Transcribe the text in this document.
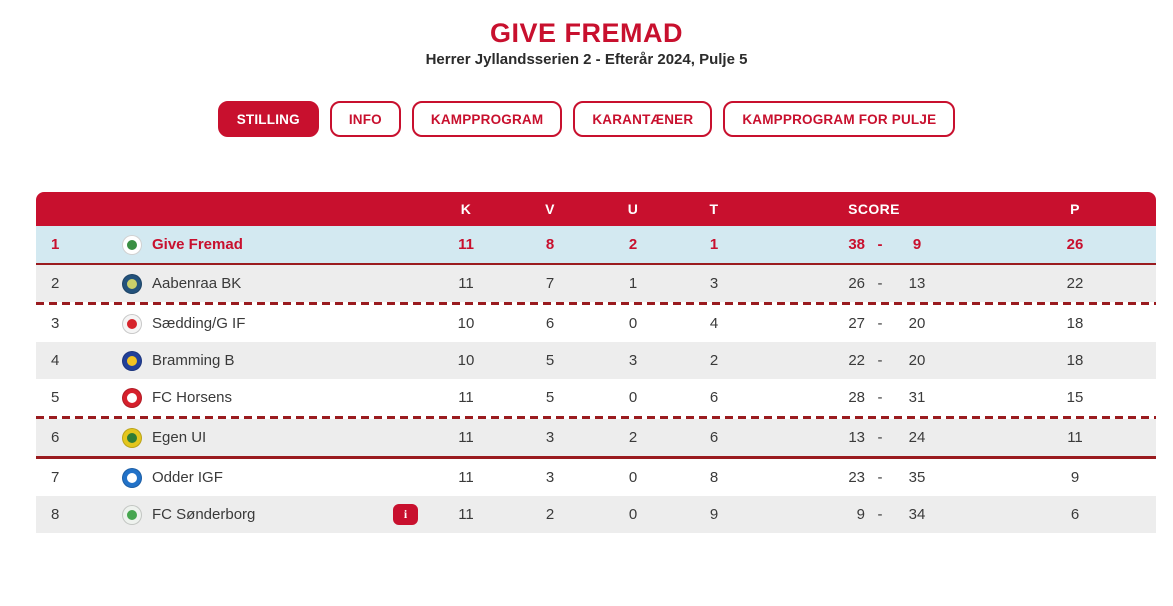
GIVE FREMAD
Herrer Jyllandsserien 2 - Efterår 2024, Pulje 5
STILLING	INFO	KAMPPROGRAM	KARANTÆNER	KAMPPROGRAM FOR PULJE
K	V	U	T	SCORE	P
1	Give Fremad	11	8	2	1	38 -	9	26
2	Aabenraa BK	11	7	1	3	26 -	13	22
3	Sædding/G IF	10	6	0	4	27 -	20	18
4	Bramming B	10	5	3	2	22 -	20	18
5	FC Horsens	11	5	0	6	28 -	31	15
6	Egen UI	11	3	2	6	13 -	24	11
7	Odder IGF	11	3	0	8	23 -	35	9
8	FC Sønderborg	i	11	2	0	9	9 -	34	6
